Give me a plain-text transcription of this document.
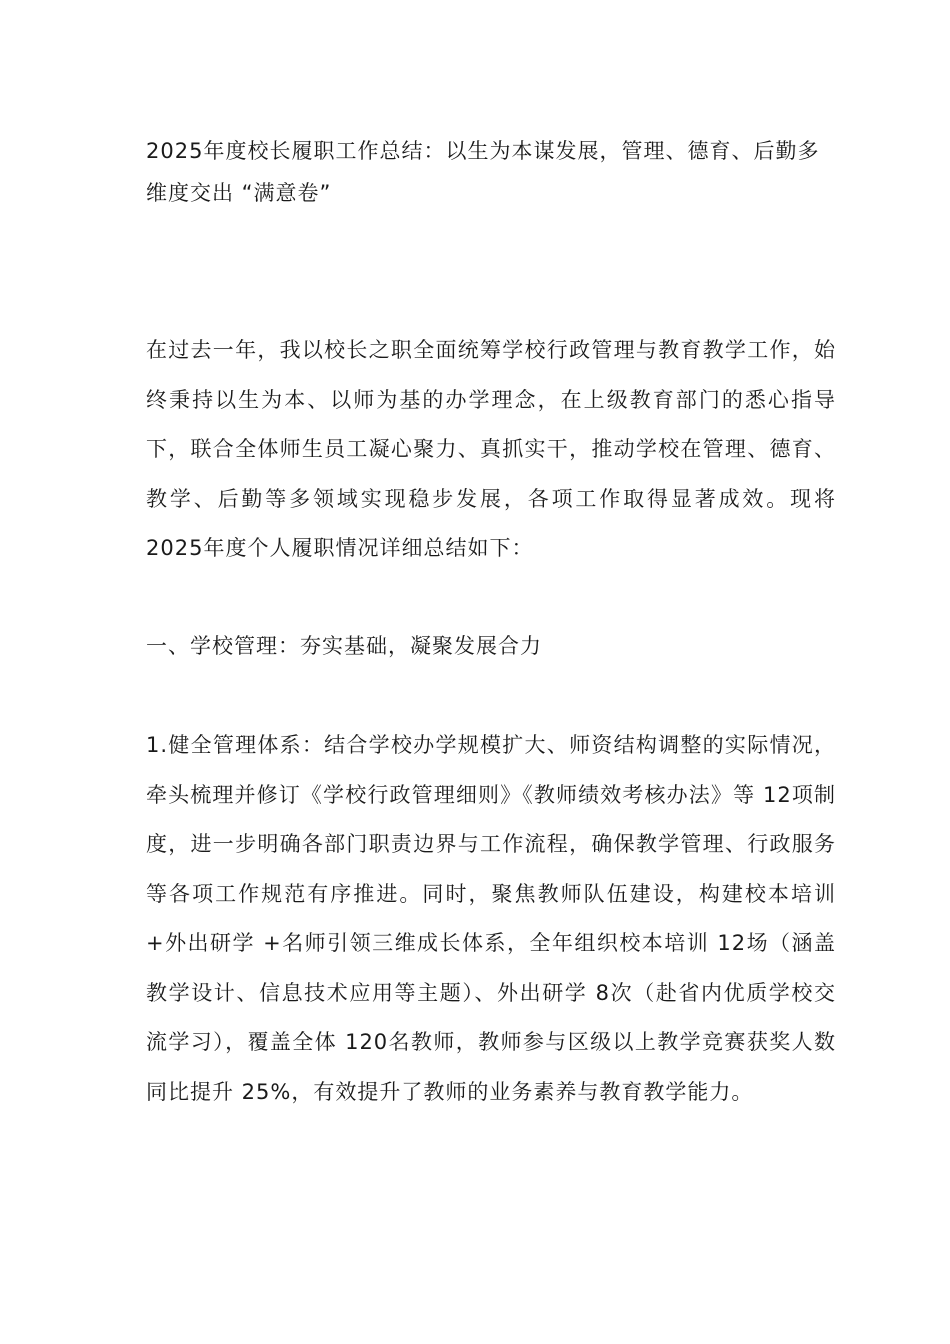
2025年度校长履职工作总结：以生为本谋发展，管理、德育、后勤多维度交出 “满意卷”

在过去一年，我以校长之职全面统筹学校行政管理与教育教学工作，始终秉持以生为本、以师为基的办学理念，在上级教育部门的悉心指导下，联合全体师生员工凝心聚力、真抓实干，推动学校在管理、德育、教学、后勤等多领域实现稳步发展，各项工作取得显著成效。现将 2025年度个人履职情况详细总结如下：

一、学校管理：夯实基础，凝聚发展合力

1.健全管理体系：结合学校办学规模扩大、师资结构调整的实际情况，牵头梳理并修订《学校行政管理细则》《教师绩效考核办法》等 12项制度，进一步明确各部门职责边界与工作流程，确保教学管理、行政服务等各项工作规范有序推进。同时，聚焦教师队伍建设，构建校本培训 +外出研学 +名师引领三维成长体系，全年组织校本培训 12场（涵盖教学设计、信息技术应用等主题）、外出研学 8次（赴省内优质学校交流学习），覆盖全体 120名教师，教师参与区级以上教学竞赛获奖人数同比提升 25%，有效提升了教师的业务素养与教育教学能力。
